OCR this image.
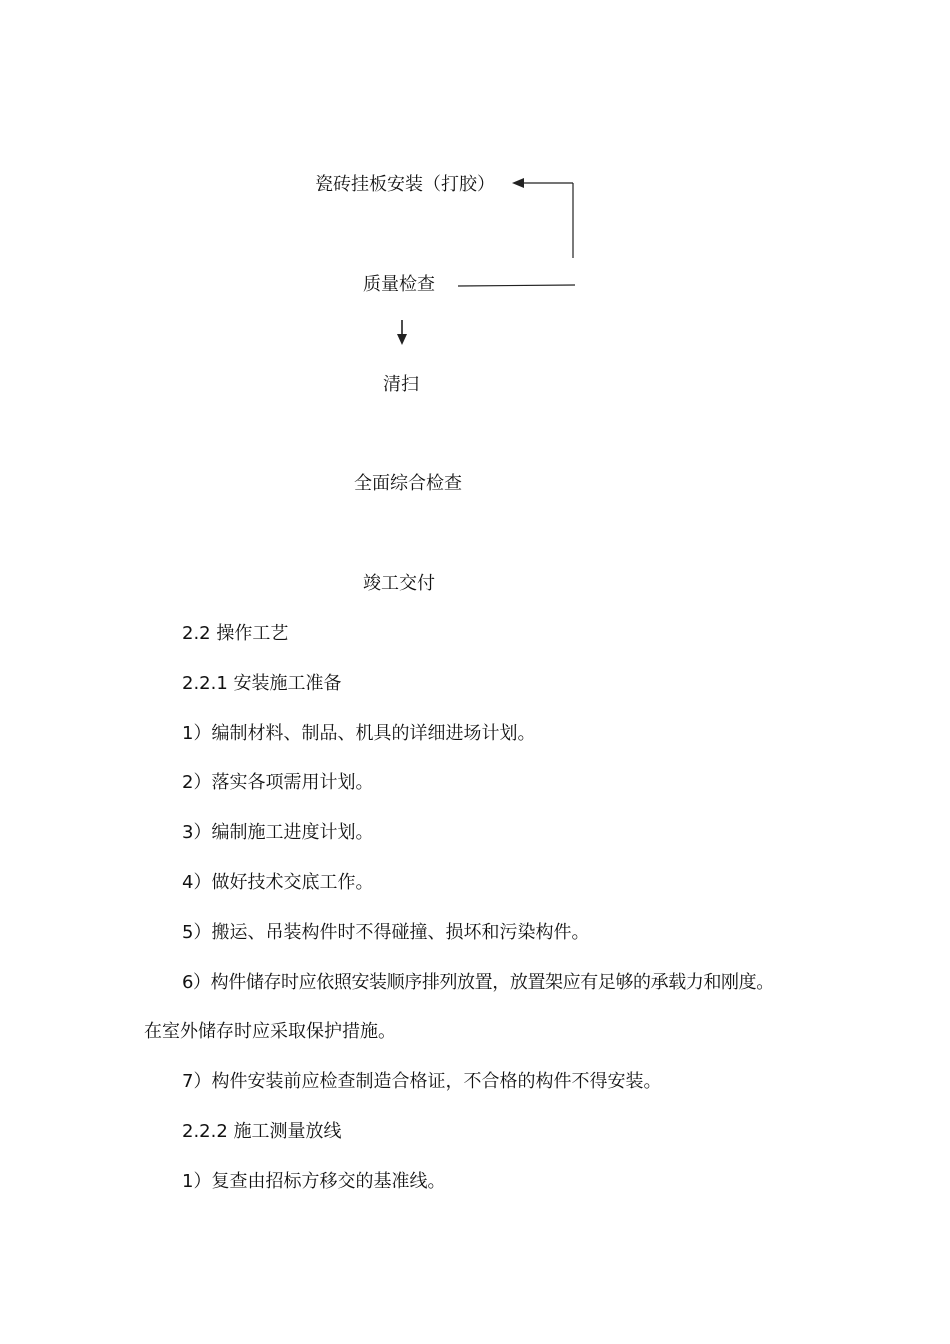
瓷砖挂板安装（打胶）
质量检查
清扫
全面综合检查
竣工交付
2.2 操作工艺
2.2.1 安装施工准备
1）编制材料、制品、机具的详细进场计划。
2）落实各项需用计划。
3）编制施工进度计划。
4）做好技术交底工作。
5）搬运、吊装构件时不得碰撞、损坏和污染构件。
6）构件储存时应依照安装顺序排列放置，放置架应有足够的承载力和刚度。
在室外储存时应采取保护措施。
7）构件安装前应检查制造合格证，不合格的构件不得安装。
2.2.2 施工测量放线
1）复查由招标方移交的基准线。
